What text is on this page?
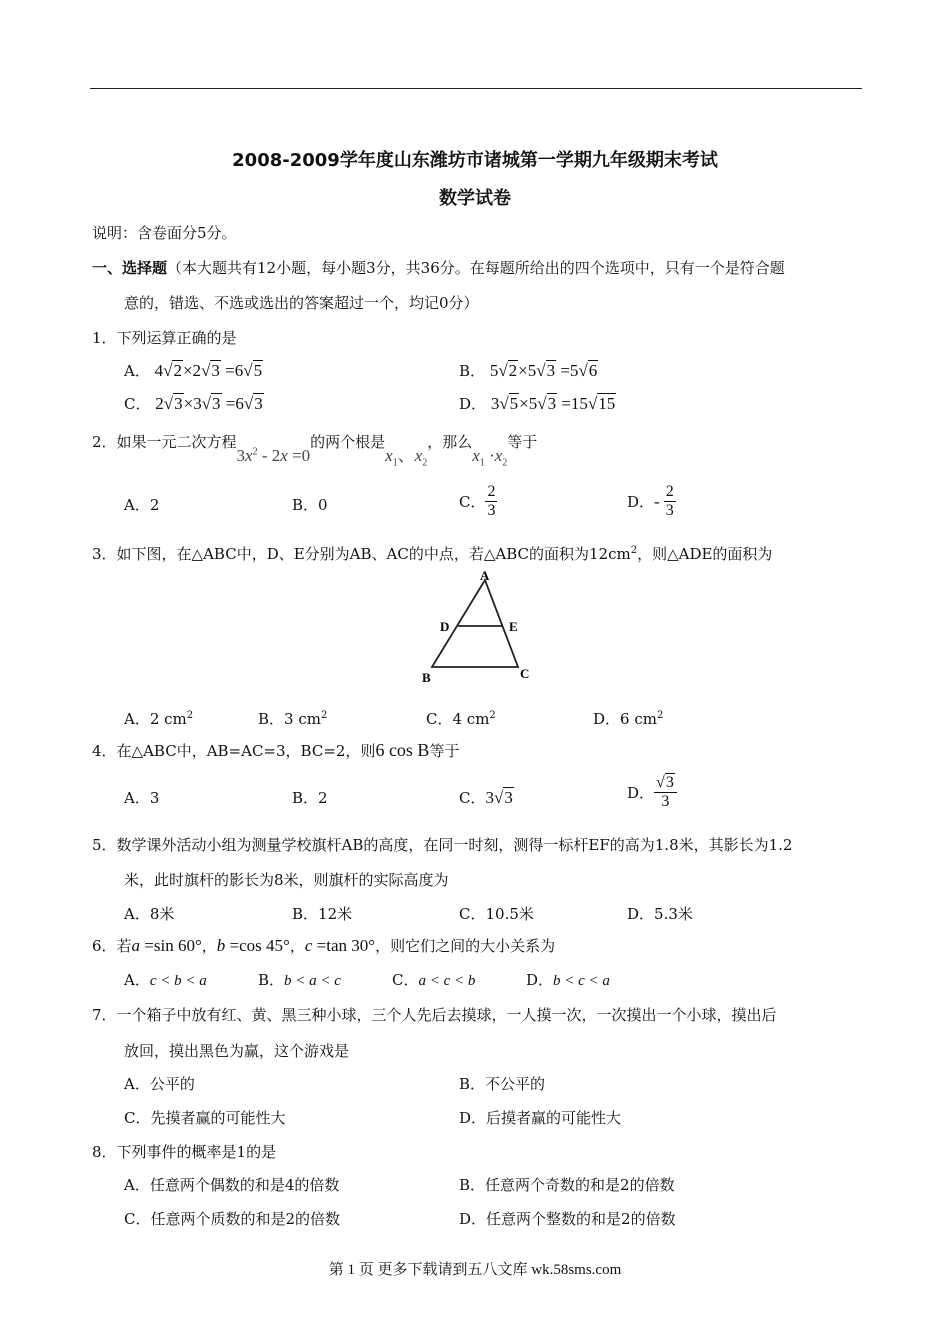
2008-2009学年度山东潍坊市诸城第一学期九年级期末考试
数学试卷
说明：含卷面分5分。
一、选择题（本大题共有12小题，每小题3分，共36分。在每题所给出的四个选项中，只有一个是符合题
意的，错选、不选或选出的答案超过一个，均记0分）
1．下列运算正确的是
A． 4√2×2√3 =6√5	B． 5√2×5√3 =5√6
C． 2√3×3√3 =6√3	D． 3√5×5√3 =15√15
2．如果一元二次方程$3x^2 - 2x =0$的两个根是$x_1$、$x_2$，那么$x_1 \cdot x_2$等于
A．2	B．0	C． $\frac{2}{3}$	D．- $\frac{2}{3}$
3．如下图，在△ABC中，D、E分别为AB、AC的中点，若△ABC的面积为$12cm^2$，则△ADE的面积为
A
D	E
B	C
A．2 $cm^2$	B．3 $cm^2$	C．4 $cm^2$	D．6 $cm^2$
4．在△ABC中，AB=AC=3，BC=2，则6 cos B等于
A．3	B．2	C．3√3	D． $\frac{√3}{3}$
5．数学课外活动小组为测量学校旗杆AB的高度，在同一时刻，测得一标杆EF的高为1.8米，其影长为1.2
米，此时旗杆的影长为8米，则旗杆的实际高度为
A．8米	B．12米	C．10.5米	D．5.3米
6．若a =sin 60°，b =cos 45°，c =tan 30°，则它们之间的大小关系为
A．c < b < a	B．b < a < c	C．a < c < b	D．b < c < a
7．一个箱子中放有红、黄、黑三种小球，三个人先后去摸球，一人摸一次，一次摸出一个小球，摸出后
放回，摸出黑色为赢，这个游戏是
A．公平的	B．不公平的
C．先摸者赢的可能性大	D．后摸者赢的可能性大
8．下列事件的概率是1的是
A．任意两个偶数的和是4的倍数	B．任意两个奇数的和是2的倍数
C．任意两个质数的和是2的倍数	D．任意两个整数的和是2的倍数
第 1 页 更多下载请到五八文库 wk.58sms.com
